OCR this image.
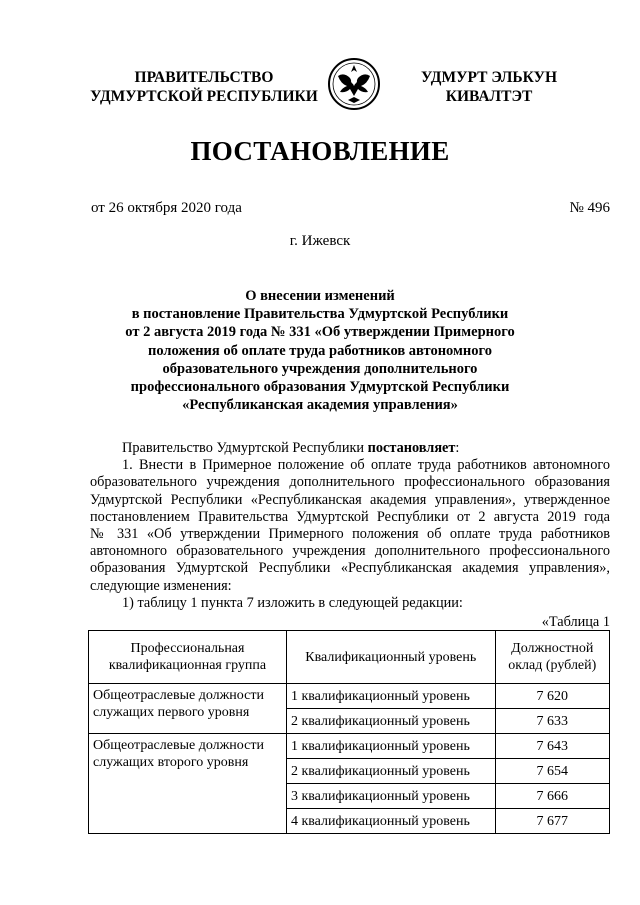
ПРАВИТЕЛЬСТВО
УДМУРТСКОЙ РЕСПУБЛИКИ
УДМУРТ ЭЛЬКУН
КИВАЛТЭТ
ПОСТАНОВЛЕНИЕ
от 26 октября 2020 года	№ 496
г. Ижевск
О внесении изменений
в постановление Правительства Удмуртской Республики
от 2 августа 2019 года № 331 «Об утверждении Примерного
положения об оплате труда работников автономного
образовательного учреждения дополнительного
профессионального образования Удмуртской Республики
«Республиканская академия управления»
Правительство Удмуртской Республики постановляет:
1. Внести в Примерное положение об оплате труда работников автономного
образовательного учреждения дополнительного профессионального образования
Удмуртской Республики «Республиканская академия управления», утвержденное
постановлением Правительства Удмуртской Республики от 2 августа 2019 года
№ 331 «Об утверждении Примерного положения об оплате труда работников
автономного образовательного учреждения дополнительного профессионального
образования Удмуртской Республики «Республиканская академия управления»,
следующие изменения:
1) таблицу 1 пункта 7 изложить в следующей редакции:
«Таблица 1
Профессиональная квалификационная группа	Квалификационный уровень	Должностной оклад (рублей)
Общеотраслевые должности служащих первого уровня	1 квалификационный уровень	7 620
	2 квалификационный уровень	7 633
Общеотраслевые должности служащих второго уровня	1 квалификационный уровень	7 643
	2 квалификационный уровень	7 654
	3 квалификационный уровень	7 666
	4 квалификационный уровень	7 677
